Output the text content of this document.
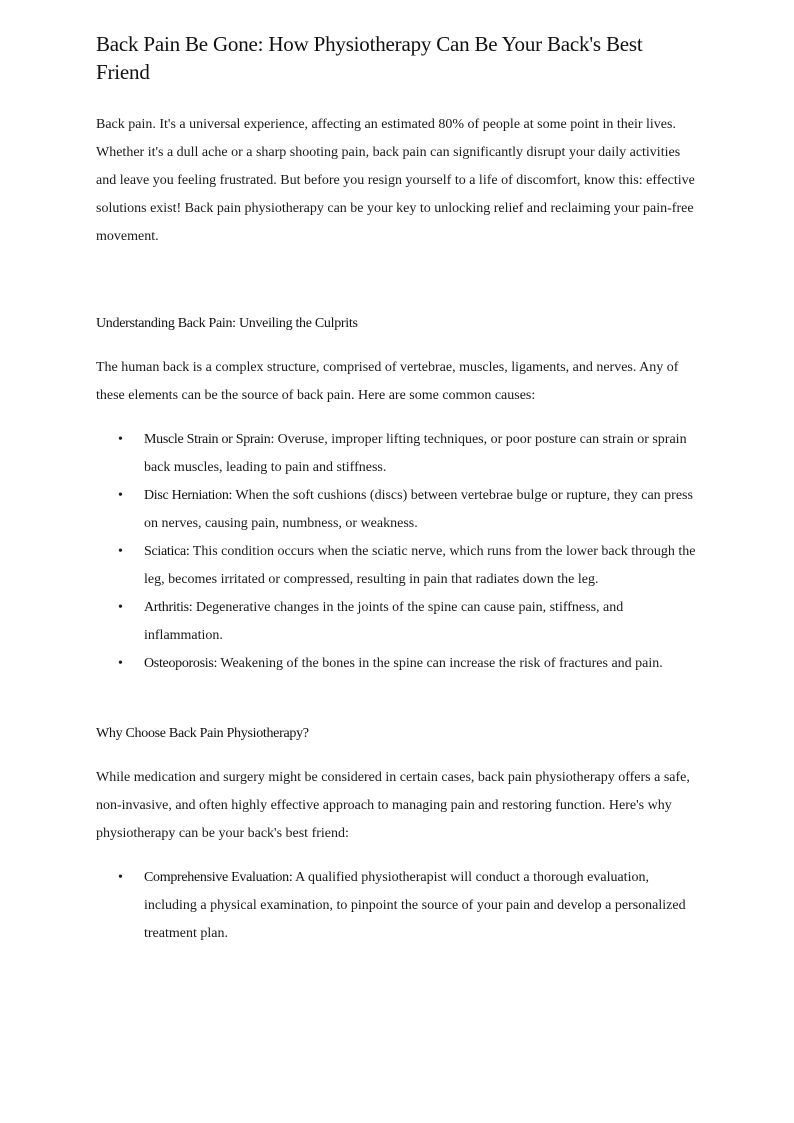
Back Pain Be Gone: How Physiotherapy Can Be Your Back's Best Friend

Back pain. It's a universal experience, affecting an estimated 80% of people at some point in their lives. Whether it's a dull ache or a sharp shooting pain, back pain can significantly disrupt your daily activities and leave you feeling frustrated. But before you resign yourself to a life of discomfort, know this: effective solutions exist! Back pain physiotherapy can be your key to unlocking relief and reclaiming your pain-free movement.

Understanding Back Pain: Unveiling the Culprits

The human back is a complex structure, comprised of vertebrae, muscles, ligaments, and nerves. Any of these elements can be the source of back pain. Here are some common causes:

• Muscle Strain or Sprain: Overuse, improper lifting techniques, or poor posture can strain or sprain back muscles, leading to pain and stiffness.
• Disc Herniation: When the soft cushions (discs) between vertebrae bulge or rupture, they can press on nerves, causing pain, numbness, or weakness.
• Sciatica: This condition occurs when the sciatic nerve, which runs from the lower back through the leg, becomes irritated or compressed, resulting in pain that radiates down the leg.
• Arthritis: Degenerative changes in the joints of the spine can cause pain, stiffness, and inflammation.
• Osteoporosis: Weakening of the bones in the spine can increase the risk of fractures and pain.
Why Choose Back Pain Physiotherapy?

While medication and surgery might be considered in certain cases, back pain physiotherapy offers a safe, non-invasive, and often highly effective approach to managing pain and restoring function. Here's why physiotherapy can be your back's best friend:

• Comprehensive Evaluation: A qualified physiotherapist will conduct a thorough evaluation, including a physical examination, to pinpoint the source of your pain and develop a personalized treatment plan.
